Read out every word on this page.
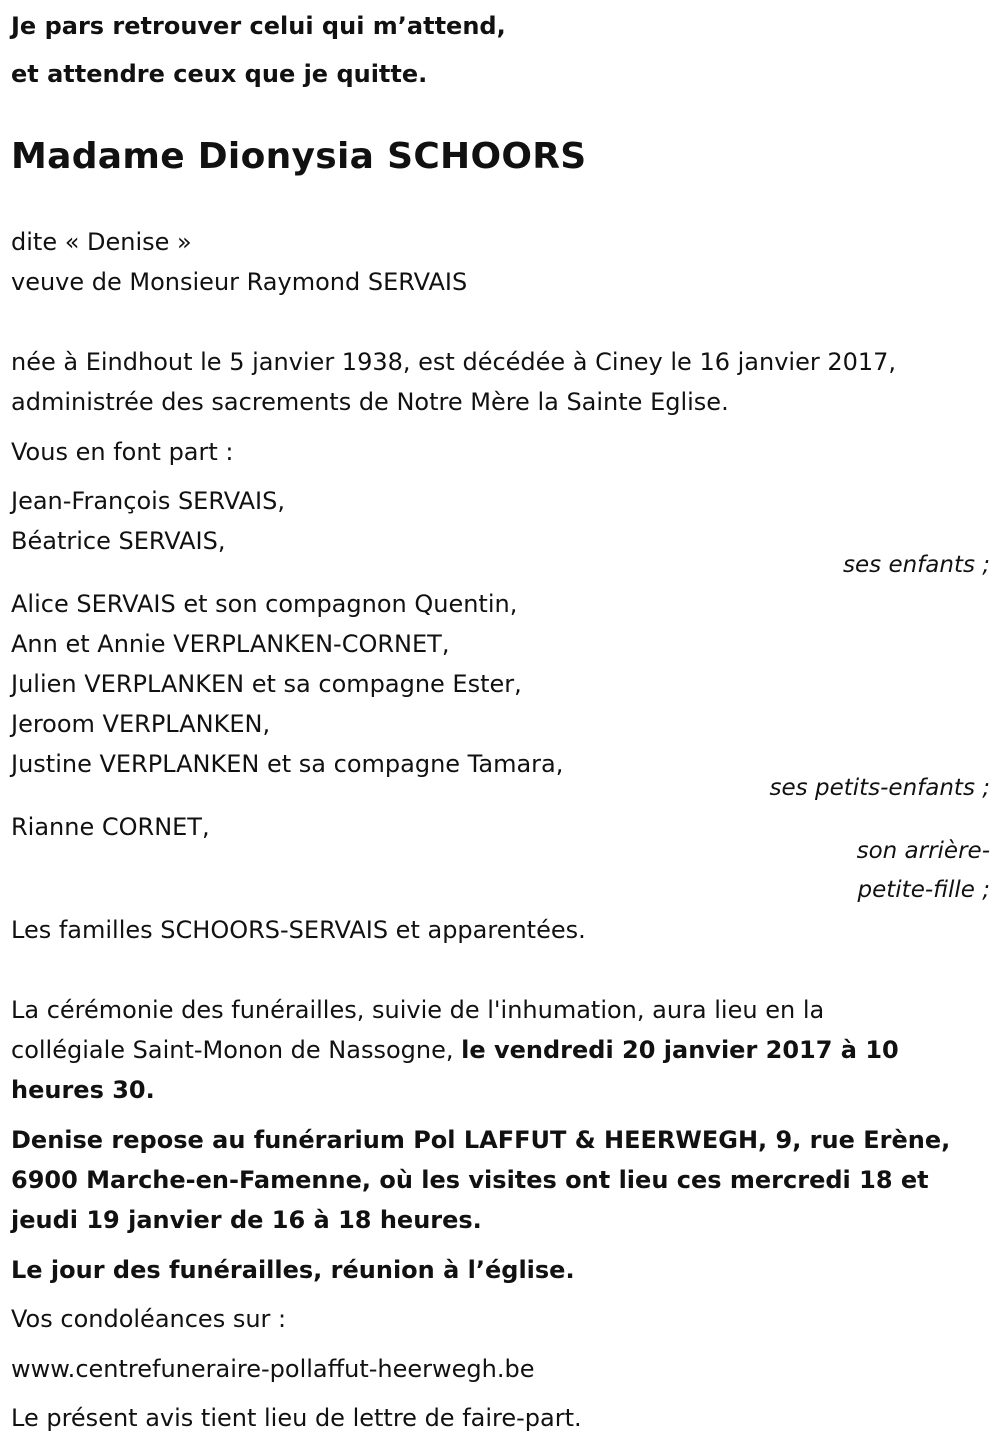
Je pars retrouver celui qui m’attend,
et attendre ceux que je quitte.
Madame Dionysia SCHOORS
dite « Denise »
veuve de Monsieur Raymond SERVAIS
née à Eindhout le 5 janvier 1938, est décédée à Ciney le 16 janvier 2017,
administrée des sacrements de Notre Mère la Sainte Eglise.
Vous en font part :
Jean-François SERVAIS,
Béatrice SERVAIS,
ses enfants ;
Alice SERVAIS et son compagnon Quentin,
Ann et Annie VERPLANKEN-CORNET,
Julien VERPLANKEN et sa compagne Ester,
Jeroom VERPLANKEN,
Justine VERPLANKEN et sa compagne Tamara,
ses petits-enfants ;
Rianne CORNET,
son arrière-
petite-fille ;
Les familles SCHOORS-SERVAIS et apparentées.
La cérémonie des funérailles, suivie de l'inhumation, aura lieu en la
collégiale Saint-Monon de Nassogne, le vendredi 20 janvier 2017 à 10
heures 30.
Denise repose au funérarium Pol LAFFUT & HEERWEGH, 9, rue Erène,
6900 Marche-en-Famenne, où les visites ont lieu ces mercredi 18 et
jeudi 19 janvier de 16 à 18 heures.
Le jour des funérailles, réunion à l’église.
Vos condoléances sur :
www.centrefuneraire-pollaffut-heerwegh.be
Le présent avis tient lieu de lettre de faire-part.
